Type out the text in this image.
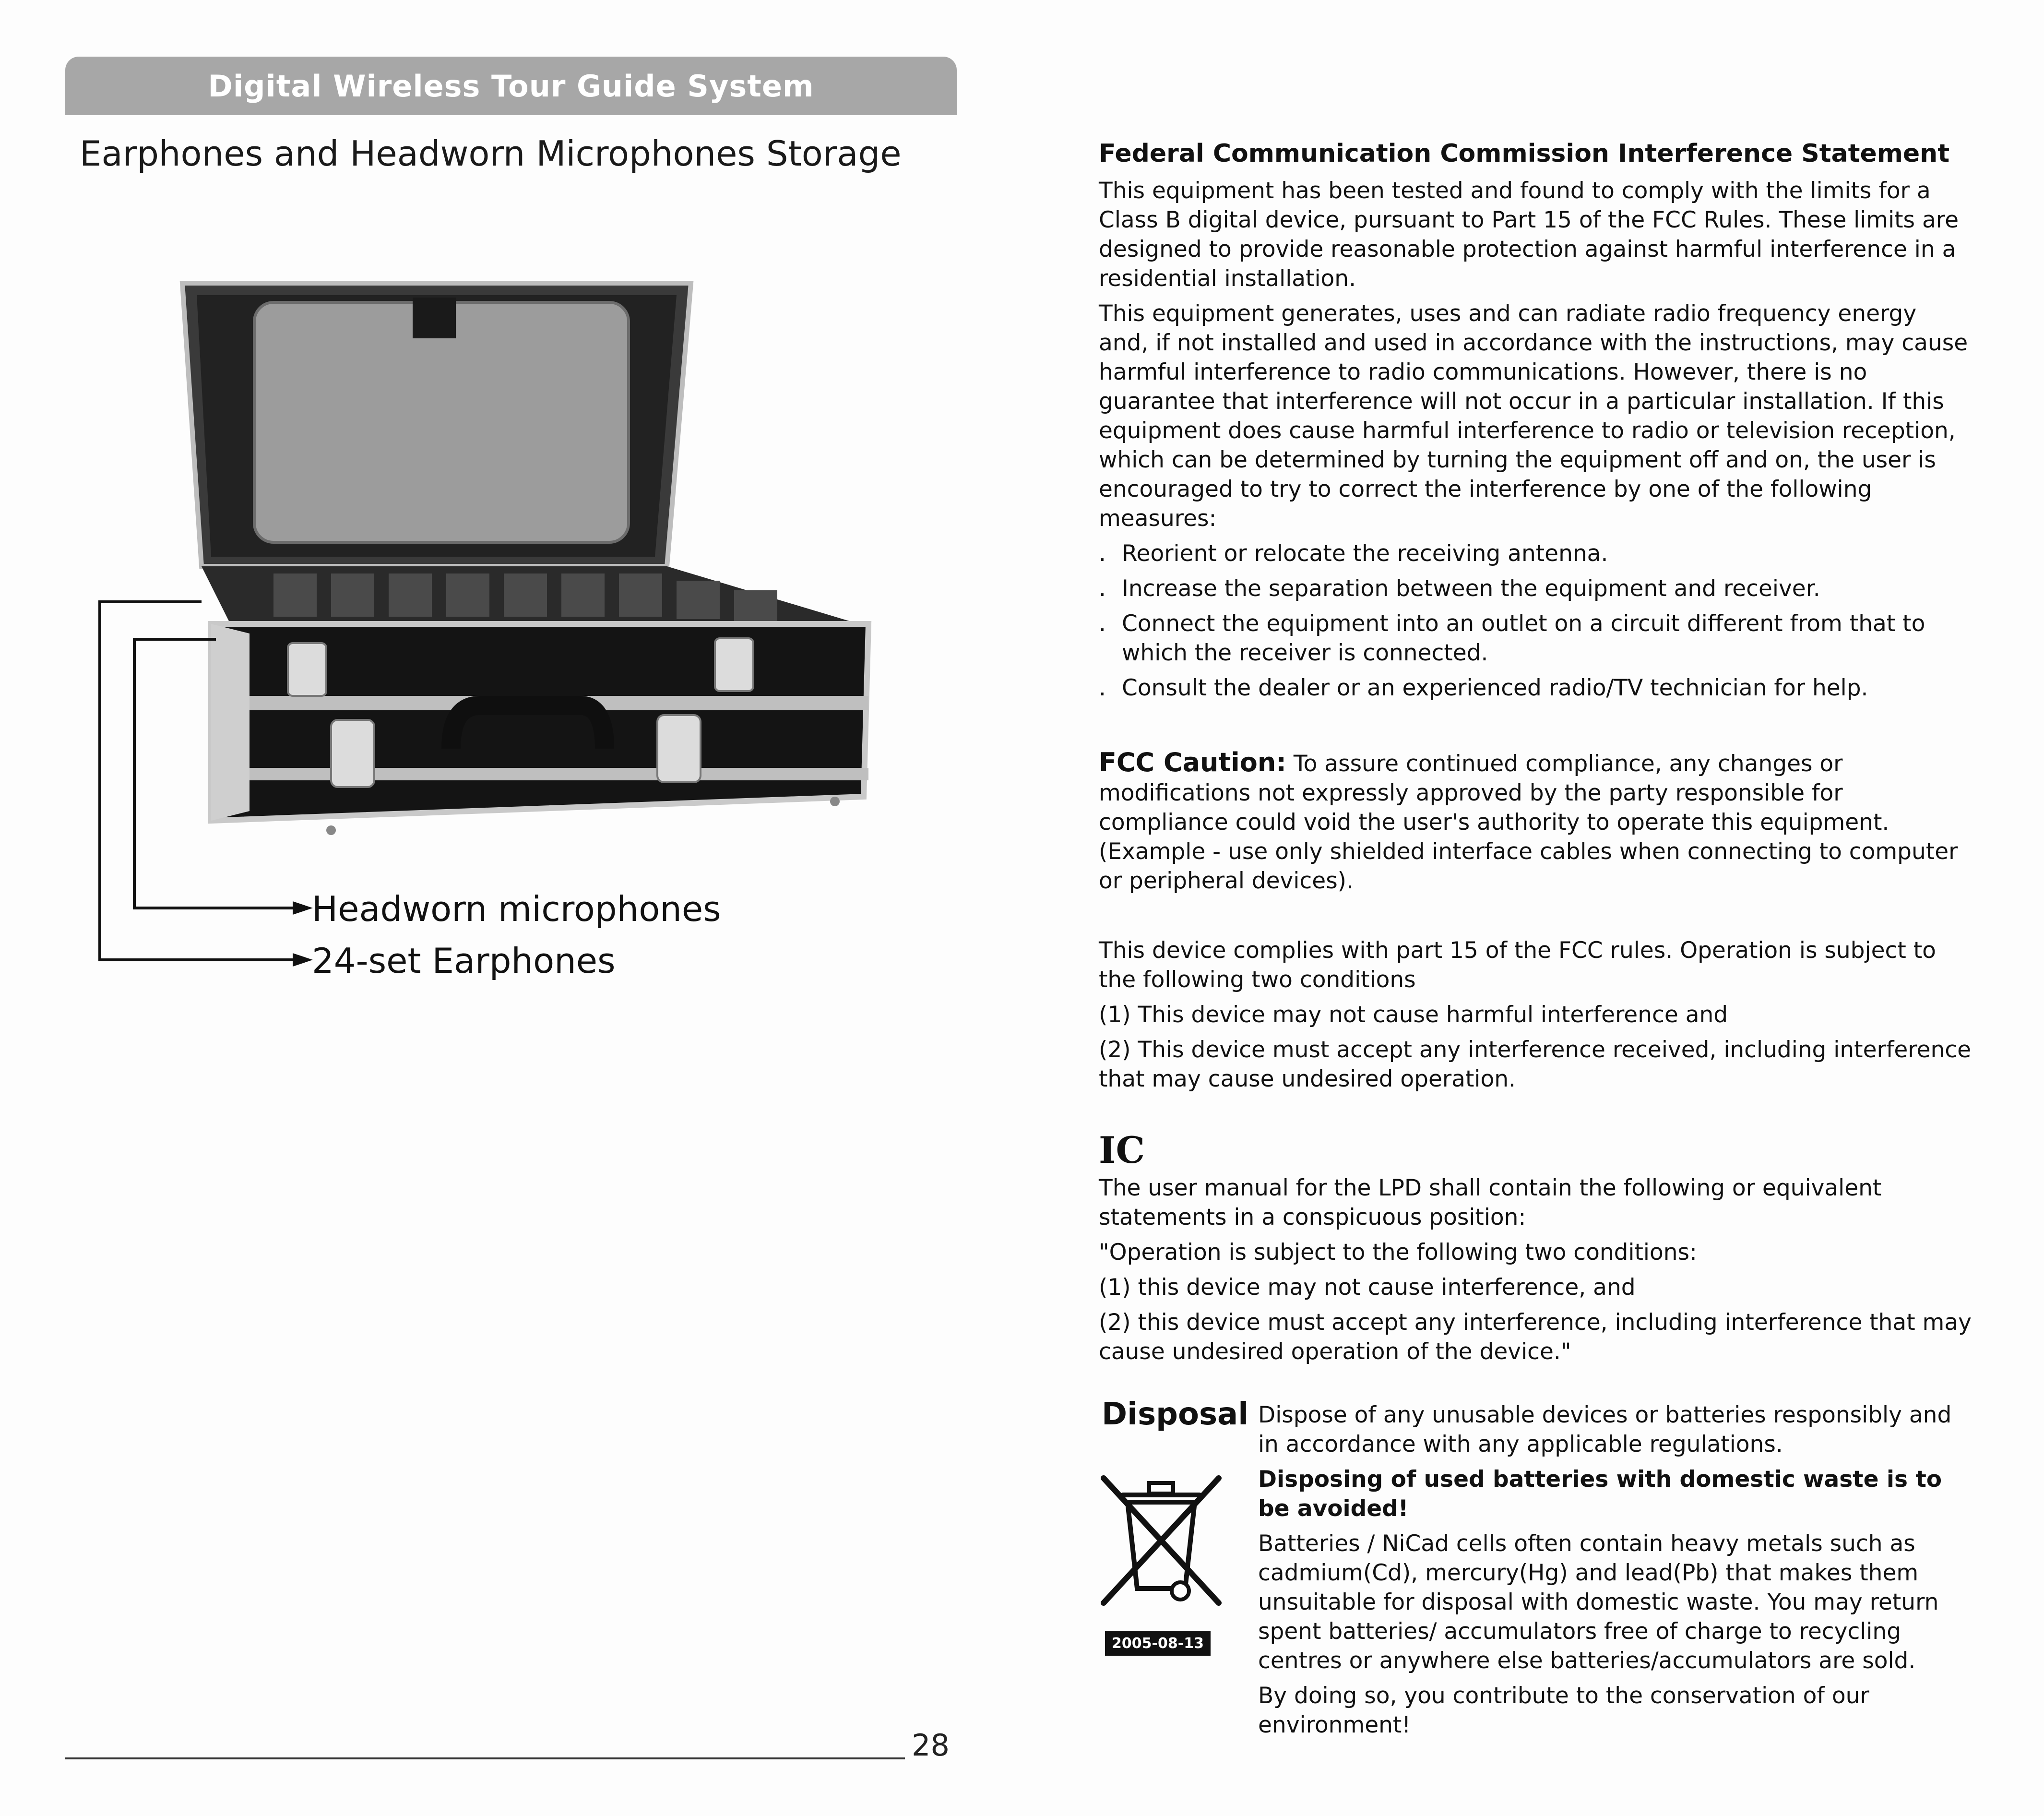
Digital Wireless Tour Guide System
Earphones and Headworn Microphones Storage
Headworn microphones
24-set Earphones
28

Federal Communication Commission Interference Statement

This equipment has been tested and found to comply with the limits for a Class B digital device, pursuant to Part 15 of the FCC Rules. These limits are designed to provide reasonable protection against harmful interference in a residential installation.

This equipment generates, uses and can radiate radio frequency energy and, if not installed and used in accordance with the instructions, may cause harmful interference to radio communications. However, there is no guarantee that interference will not occur in a particular installation. If this equipment does cause harmful interference to radio or television reception, which can be determined by turning the equipment off and on, the user is encouraged to try to correct the interference by one of the following measures:

. Reorient or relocate the receiving antenna.
. Increase the separation between the equipment and receiver.
. Connect the equipment into an outlet on a circuit different from that to which the receiver is connected.
. Consult the dealer or an experienced radio/TV technician for help.

FCC Caution: To assure continued compliance, any changes or modifications not expressly approved by the party responsible for compliance could void the user's authority to operate this equipment. (Example - use only shielded interface cables when connecting to computer or peripheral devices).

This device complies with part 15 of the FCC rules. Operation is subject to the following two conditions

(1) This device may not cause harmful interference and

(2) This device must accept any interference received, including interference that may cause undesired operation.

IC

The user manual for the LPD shall contain the following or equivalent statements in a conspicuous position:

"Operation is subject to the following two conditions:

(1) this device may not cause interference, and

(2) this device must accept any interference, including interference that may cause undesired operation of the device."

Disposal
2005-08-13

Dispose of any unusable devices or batteries responsibly and in accordance with any applicable regulations.

Disposing of used batteries with domestic waste is to be avoided!

Batteries / NiCad cells often contain heavy metals such as cadmium(Cd), mercury(Hg) and lead(Pb) that makes them unsuitable for disposal with domestic waste. You may return spent batteries/ accumulators free of charge to recycling centres or anywhere else batteries/accumulators are sold.

By doing so, you contribute to the conservation of our environment!
